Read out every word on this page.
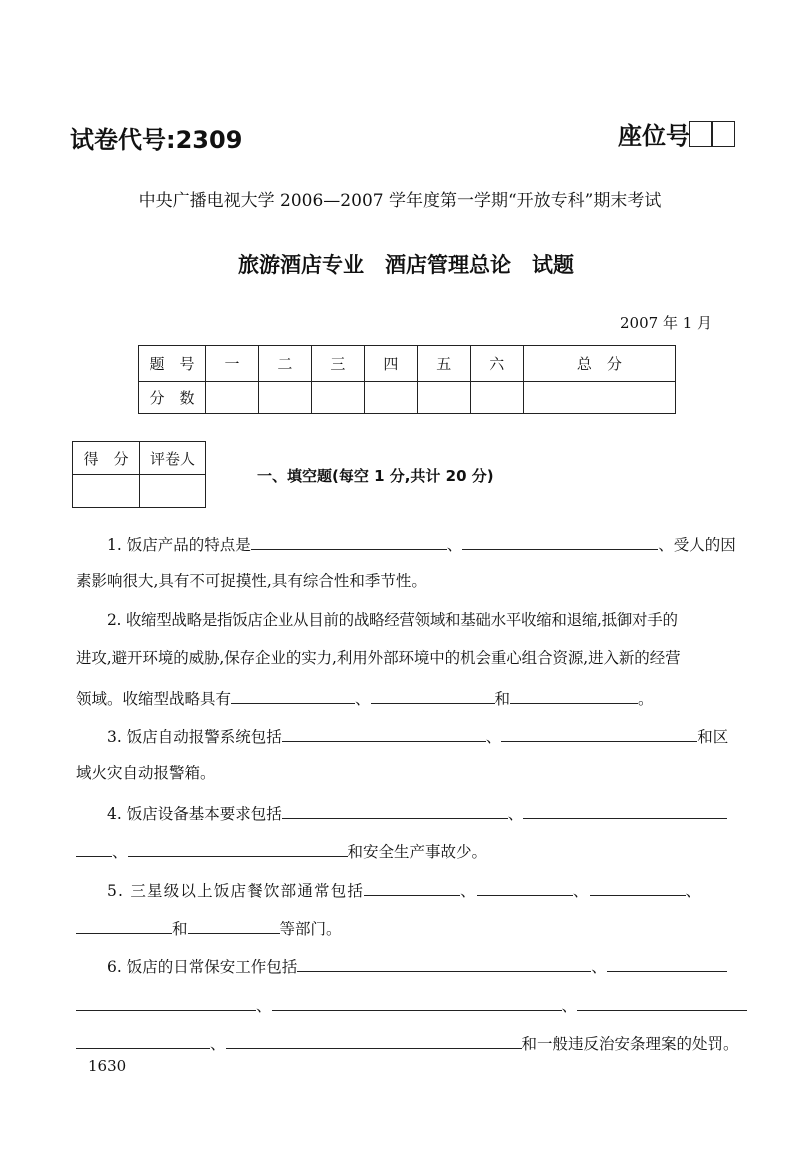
试卷代号:2309	座位号
中央广播电视大学 2006—2007 学年度第一学期“开放专科”期末考试
旅游酒店专业　酒店管理总论　试题
2007 年 1 月
题　号	一	二	三	四	五	六	总　分
分　数							
得　分	评卷人

一、填空题(每空 1 分,共计 20 分)
1. 饭店产品的特点是	、	、受人的因
素影响很大,具有不可捉摸性,具有综合性和季节性。
2. 收缩型战略是指饭店企业从目前的战略经营领域和基础水平收缩和退缩,抵御对手的
进攻,避开环境的威胁,保存企业的实力,利用外部环境中的机会重心组合资源,进入新的经营
领域。收缩型战略具有	、	和	。
3. 饭店自动报警系统包括	、	和区
域火灾自动报警箱。
4. 饭店设备基本要求包括	、
、	和安全生产事故少。
5. 三星级以上饭店餐饮部通常包括	、	、	、
和	等部门。
6. 饭店的日常保安工作包括	、
、	、
、	和一般违反治安条理案的处罚。
1630
